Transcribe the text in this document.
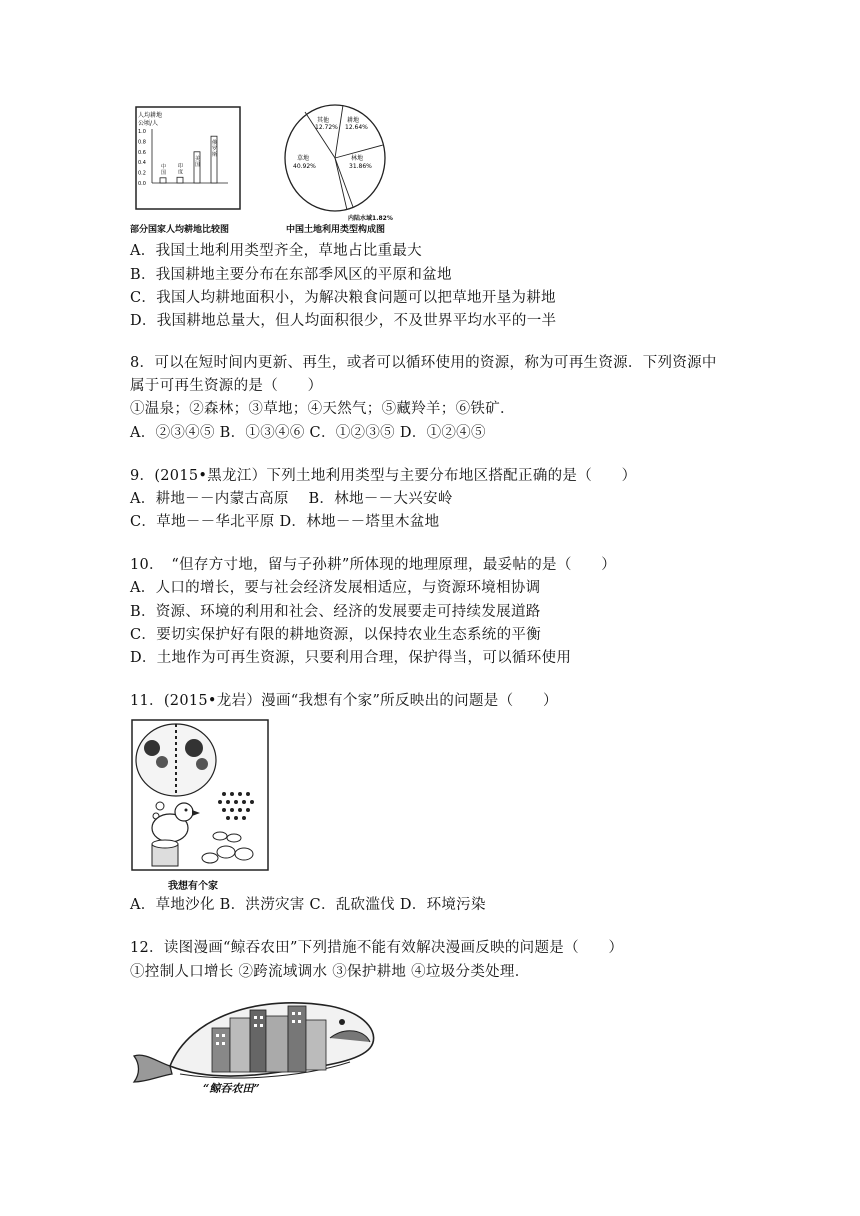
人均耕地
公顷/人
1.0
0.8
0.6
0.4
0.2
0.0
中国
印度
美国
俄罗斯
部分国家人均耕地比较图
其他
12.72%
耕地
12.64%
林地
31.86%
草地
40.92%
内陆水域1.82%
中国土地利用类型构成图
A．我国土地利用类型齐全，草地占比重最大
B．我国耕地主要分布在东部季风区的平原和盆地
C．我国人均耕地面积小，为解决粮食问题可以把草地开垦为耕地
D．我国耕地总量大，但人均面积很少，不及世界平均水平的一半
8．可以在短时间内更新、再生，或者可以循环使用的资源，称为可再生资源．下列资源中
属于可再生资源的是（　　）
①温泉；②森林；③草地；④天然气；⑤藏羚羊；⑥铁矿．
A．②③④⑤ B．①③④⑥ C．①②③⑤ D．①②④⑤
9．(2015•黑龙江）下列土地利用类型与主要分布地区搭配正确的是（　　）
A．耕地－－内蒙古高原　 B．林地－－大兴安岭
C．草地－－华北平原 D．林地－－塔里木盆地
10．　“但存方寸地，留与子孙耕”所体现的地理原理，最妥帖的是（　　）
A．人口的增长，要与社会经济发展相适应，与资源环境相协调
B．资源、环境的利用和社会、经济的发展要走可持续发展道路
C．要切实保护好有限的耕地资源，以保持农业生态系统的平衡
D．土地作为可再生资源，只要利用合理，保护得当，可以循环使用
11．(2015•龙岩）漫画“我想有个家”所反映出的问题是（　　）
我想有个家
A．草地沙化 B．洪涝灾害 C．乱砍滥伐 D．环境污染
12．读图漫画“鲸吞农田”下列措施不能有效解决漫画反映的问题是（　　）
①控制人口增长 ②跨流域调水 ③保护耕地 ④垃圾分类处理．
“鲸吞农田”
